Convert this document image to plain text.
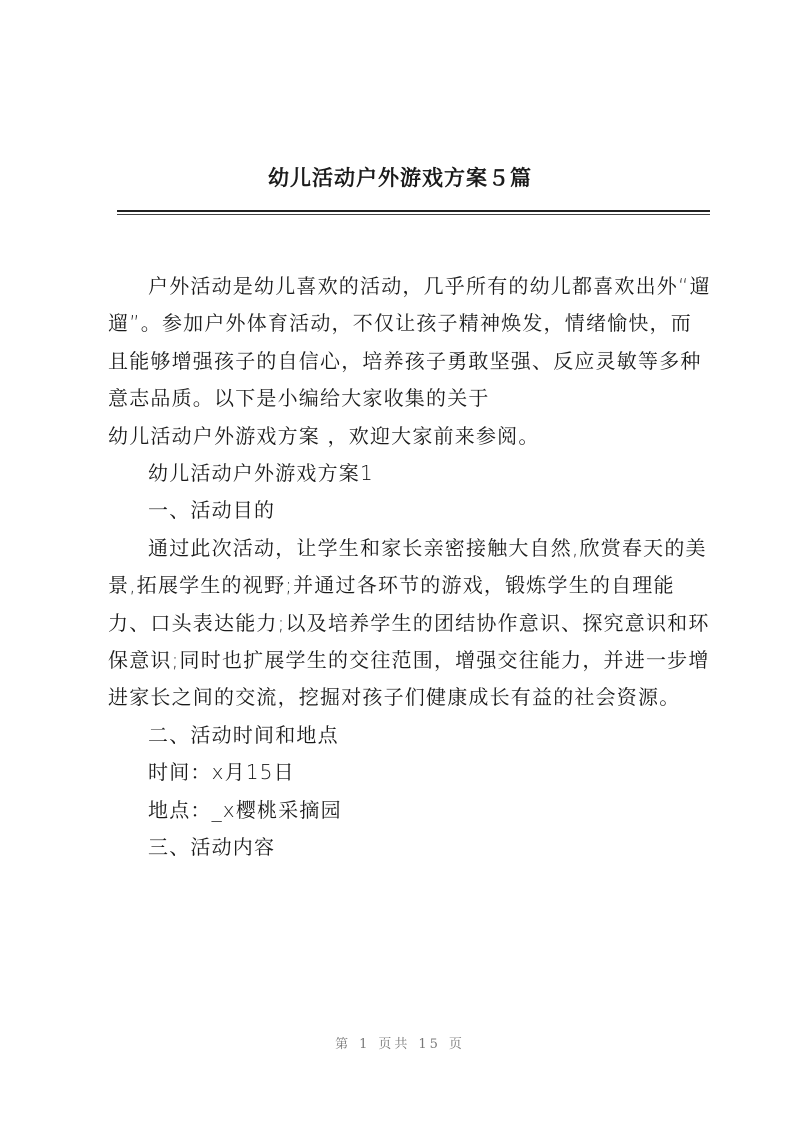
幼儿活动户外游戏方案５篇

户外活动是幼儿喜欢的活动，几乎所有的幼儿都喜欢出外“遛遛”。参加户外体育活动，不仅让孩子精神焕发，情绪愉快，而且能够增强孩子的自信心，培养孩子勇敢坚强、反应灵敏等多种意志品质。以下是小编给大家收集的关于

幼儿活动户外游戏方案 ，欢迎大家前来参阅。

幼儿活动户外游戏方案1

一、活动目的

通过此次活动，让学生和家长亲密接触大自然,欣赏春天的美景,拓展学生的视野;并通过各环节的游戏，锻炼学生的自理能力、口头表达能力;以及培养学生的团结协作意识、探究意识和环保意识;同时也扩展学生的交往范围，增强交往能力，并进一步增进家长之间的交流，挖掘对孩子们健康成长有益的社会资源。

二、活动时间和地点

时间：x月15日

地点：_x樱桃采摘园

三、活动内容

第 1 页共 15 页
